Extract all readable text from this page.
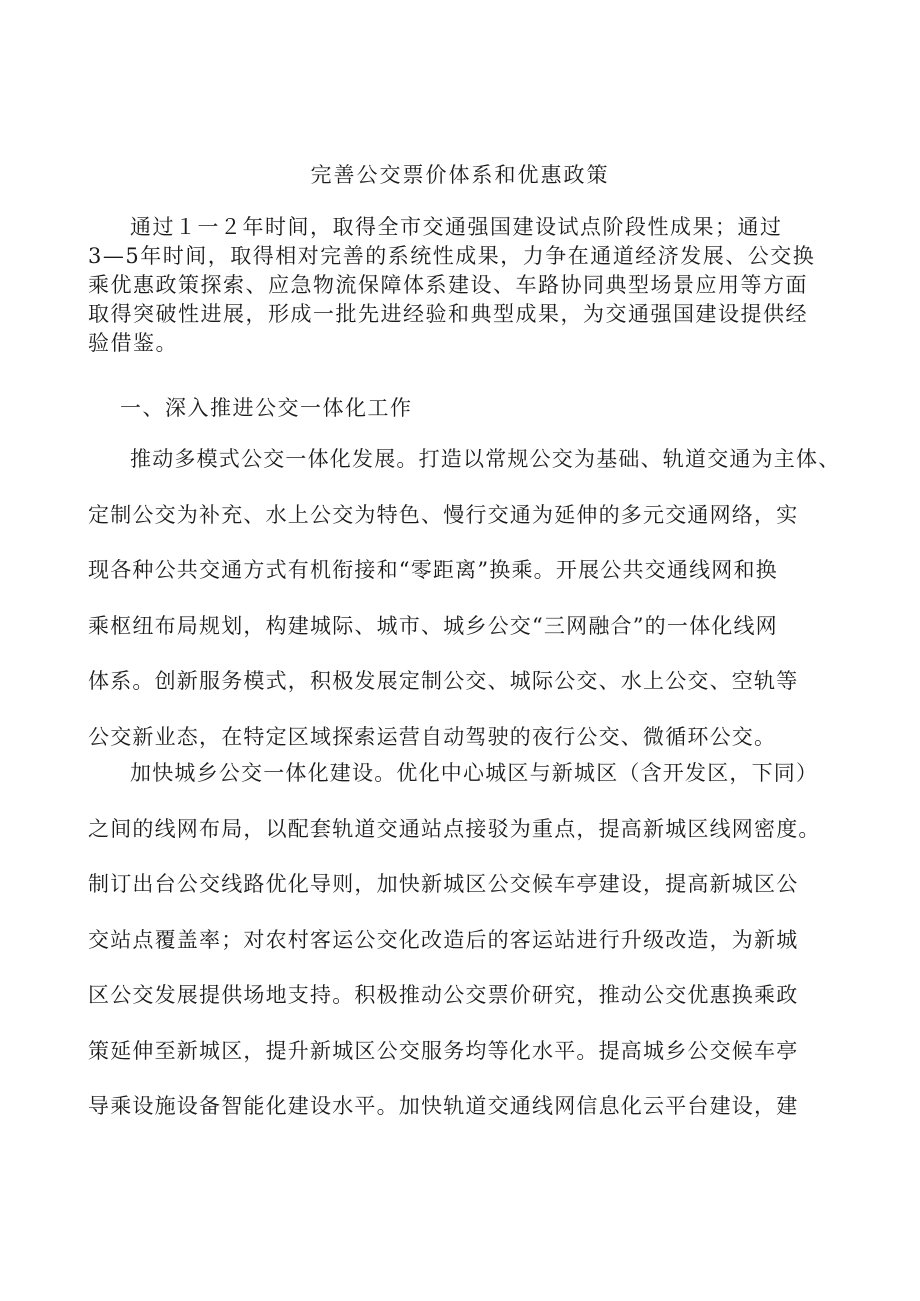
完善公交票价体系和优惠政策

通过１一２年时间，取得全市交通强国建设试点阶段性成果；通过
3—5年时间，取得相对完善的系统性成果，力争在通道经济发展、公交换
乘优惠政策探索、应急物流保障体系建设、车路协同典型场景应用等方面
取得突破性进展，形成一批先进经验和典型成果，为交通强国建设提供经
验借鉴。

一、深入推进公交一体化工作

推动多模式公交一体化发展。打造以常规公交为基础、轨道交通为主体、
定制公交为补充、水上公交为特色、慢行交通为延伸的多元交通网络，实
现各种公共交通方式有机衔接和“零距离”换乘。开展公共交通线网和换
乘枢纽布局规划，构建城际、城市、城乡公交“三网融合”的一体化线网
体系。创新服务模式，积极发展定制公交、城际公交、水上公交、空轨等
公交新业态，在特定区域探索运营自动驾驶的夜行公交、微循环公交。

加快城乡公交一体化建设。优化中心城区与新城区（含开发区，下同）
之间的线网布局，以配套轨道交通站点接驳为重点，提高新城区线网密度。
制订出台公交线路优化导则，加快新城区公交候车亭建设，提高新城区公
交站点覆盖率；对农村客运公交化改造后的客运站进行升级改造，为新城
区公交发展提供场地支持。积极推动公交票价研究，推动公交优惠换乘政
策延伸至新城区，提升新城区公交服务均等化水平。提高城乡公交候车亭
导乘设施设备智能化建设水平。加快轨道交通线网信息化云平台建设，建
